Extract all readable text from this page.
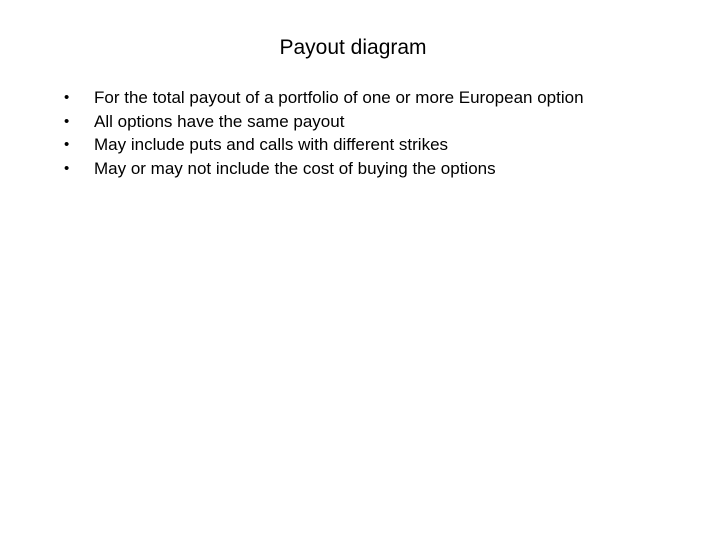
Payout diagram
• For the total payout of a portfolio of one or more European option
• All options have the same payout
• May include puts and calls with different strikes
• May or may not include the cost of buying the options
